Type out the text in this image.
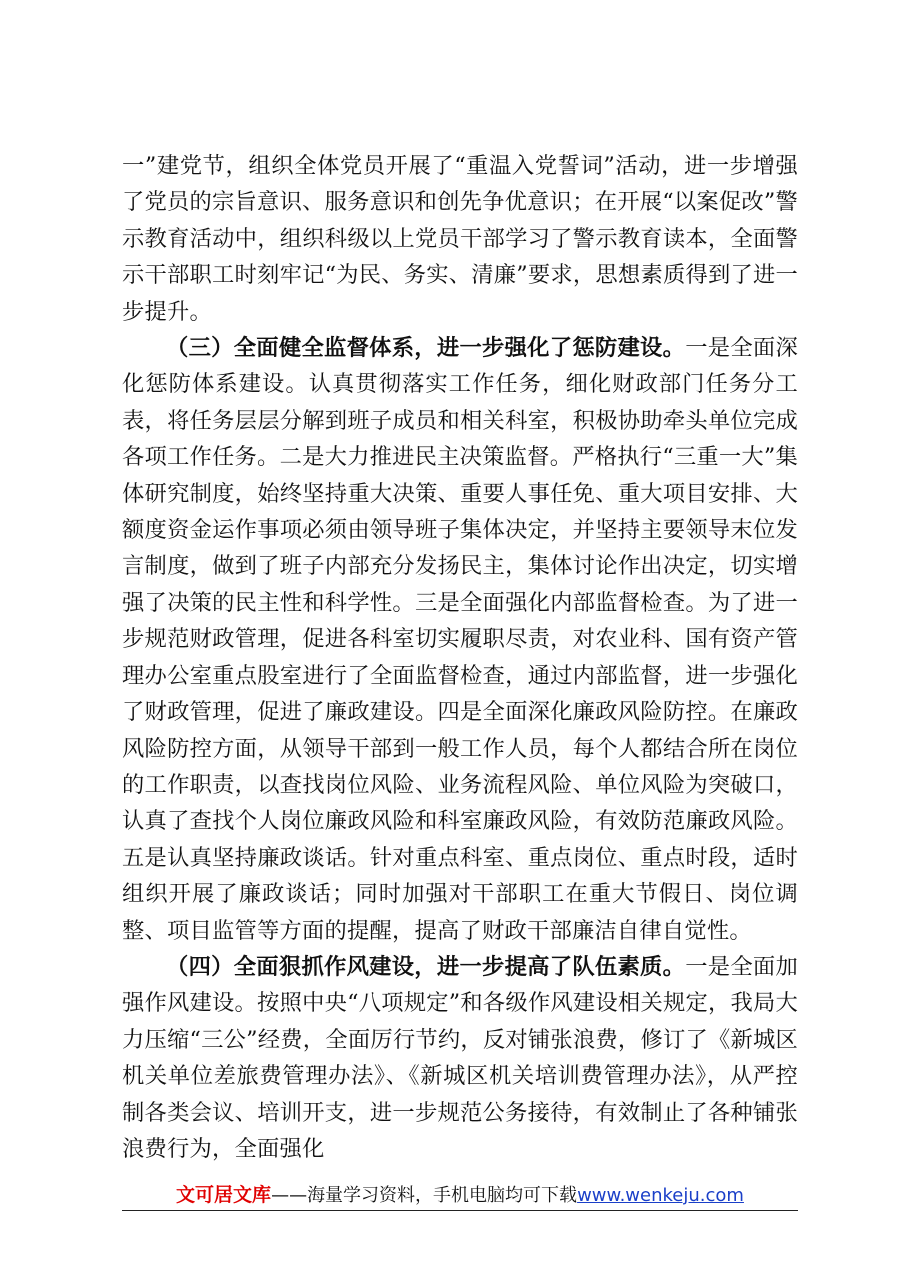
一”建党节，组织全体党员开展了“重温入党誓词”活动，进一步增强了党员的宗旨意识、服务意识和创先争优意识；在开展“以案促改”警示教育活动中，组织科级以上党员干部学习了警示教育读本，全面警示干部职工时刻牢记“为民、务实、清廉”要求，思想素质得到了进一步提升。

（三）全面健全监督体系，进一步强化了惩防建设。一是全面深化惩防体系建设。认真贯彻落实工作任务，细化财政部门任务分工表，将任务层层分解到班子成员和相关科室，积极协助牵头单位完成各项工作任务。二是大力推进民主决策监督。严格执行“三重一大”集体研究制度，始终坚持重大决策、重要人事任免、重大项目安排、大额度资金运作事项必须由领导班子集体决定，并坚持主要领导末位发言制度，做到了班子内部充分发扬民主，集体讨论作出决定，切实增强了决策的民主性和科学性。三是全面强化内部监督检查。为了进一步规范财政管理，促进各科室切实履职尽责，对农业科、国有资产管理办公室重点股室进行了全面监督检查，通过内部监督，进一步强化了财政管理，促进了廉政建设。四是全面深化廉政风险防控。在廉政风险防控方面，从领导干部到一般工作人员，每个人都结合所在岗位的工作职责，以查找岗位风险、业务流程风险、单位风险为突破口，认真了查找个人岗位廉政风险和科室廉政风险，有效防范廉政风险。五是认真坚持廉政谈话。针对重点科室、重点岗位、重点时段，适时组织开展了廉政谈话；同时加强对干部职工在重大节假日、岗位调整、项目监管等方面的提醒，提高了财政干部廉洁自律自觉性。

（四）全面狠抓作风建设，进一步提高了队伍素质。一是全面加强作风建设。按照中央“八项规定”和各级作风建设相关规定，我局大力压缩“三公”经费，全面厉行节约，反对铺张浪费，修订了《新城区机关单位差旅费管理办法》、《新城区机关培训费管理办法》，从严控制各类会议、培训开支，进一步规范公务接待，有效制止了各种铺张浪费行为，全面强化

文可居文库——海量学习资料，手机电脑均可下载www.wenkeju.com
